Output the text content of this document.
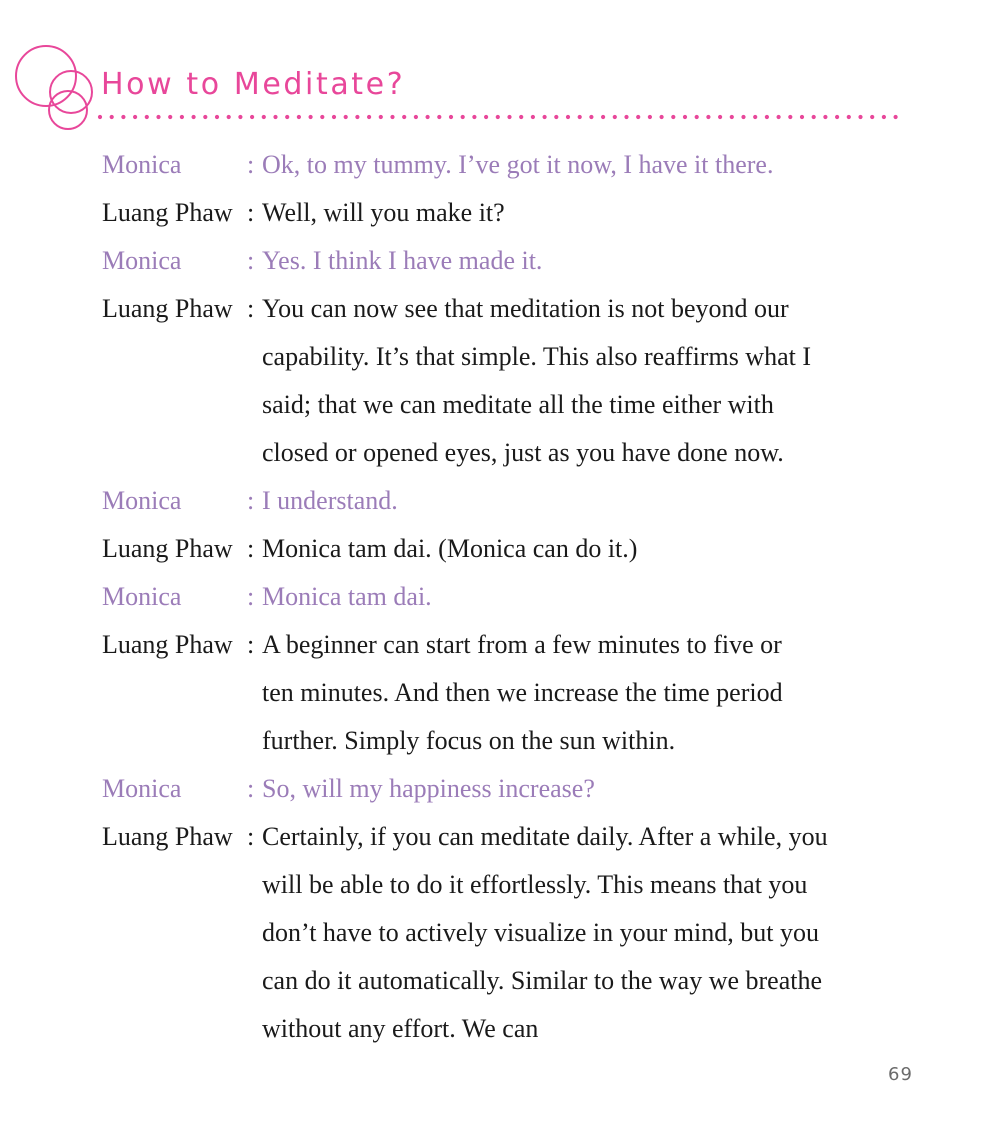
How to Meditate?
Monica	: Ok, to my tummy. I’ve got it now, I have it there.
Luang Phaw : Well, will you make it?
Monica	: Yes. I think I have made it.
Luang Phaw : You can now see that meditation is not beyond our
capability. It’s that simple. This also reaffirms what I
said; that we can meditate all the time either with
closed or opened eyes, just as you have done now.
Monica	: I understand.
Luang Phaw : Monica tam dai. (Monica can do it.)
Monica	: Monica tam dai.
Luang Phaw : A beginner can start from a few minutes to five or
ten minutes. And then we increase the time period
further. Simply focus on the sun within.
Monica	: So, will my happiness increase?
Luang Phaw : Certainly, if you can meditate daily. After a while, you
will be able to do it effortlessly. This means that you
don’t have to actively visualize in your mind, but you
can do it automatically. Similar to the way we breathe
without any effort. We can
69
